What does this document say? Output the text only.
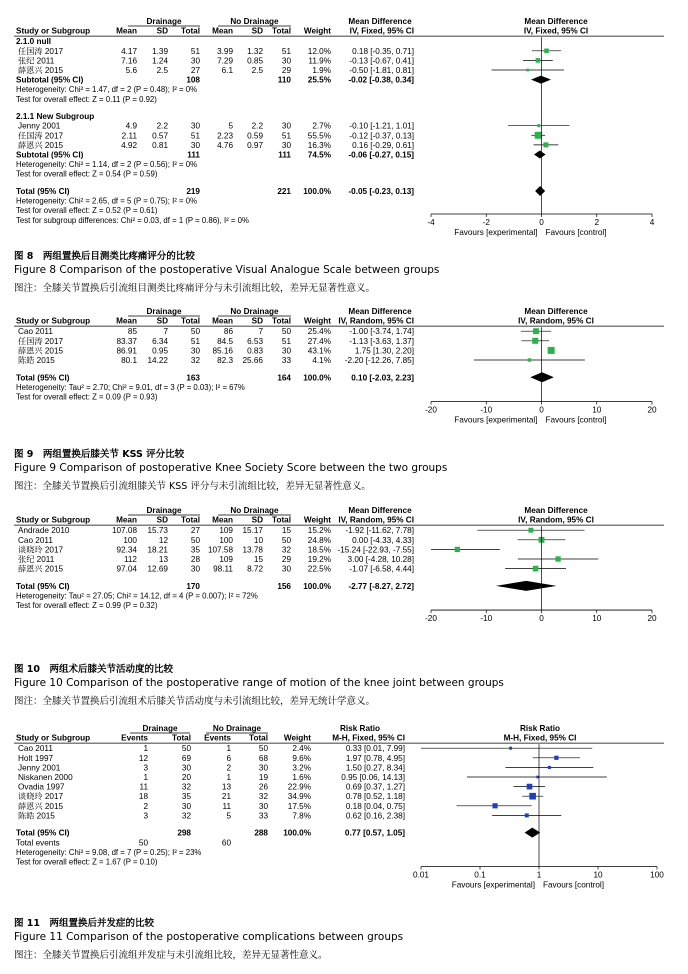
Drainage	No Drainage	Mean Difference	Mean Difference
Study or Subgroup	Mean SD Total Mean SD Total Weight IV, Fixed, 95% CI	IV, Fixed, 95% CI
2.1.0 null
任国涛 2017	4.17 1.39	51 3.99 1.32 51 12.0%	0.18 [-0.35, 0.71]
张纪 2011	7.16 1.24	30 7.29 0.85 30 11.9% -0.13 [-0.67, 0.41]
薛恩兴 2015	5.6 2.5	27	6.1 2.5 29	1.9% -0.50 [-1.81, 0.81]
Subtotal (95% CI)	108	110 25.5% -0.02 [-0.38, 0.34]
Heterogeneity: Chi² = 1.47, df = 2 (P = 0.48); I² = 0%
Test for overall effect: Z = 0.11 (P = 0.92)
2.1.1 New Subgroup
Jenny 2001	4.9 2.2	30	5 2.2 30	2.7% -0.10 [-1.21, 1.01]
任国涛 2017	2.11 0.57	51 2.23 0.59 51 55.5% -0.12 [-0.37, 0.13]
薛恩兴 2015	4.92 0.81	30 4.76 0.97 30 16.3%	0.16 [-0.29, 0.61]
Subtotal (95% CI)	111	111 74.5% -0.06 [-0.27, 0.15]
Heterogeneity: Chi² = 1.14, df = 2 (P = 0.56); I² = 0%
Test for overall effect: Z = 0.54 (P = 0.59)
Total (95% CI)	219	221 100.0% -0.05 [-0.23, 0.13]
Heterogeneity: Chi² = 2.65, df = 5 (P = 0.75); I² = 0%
Test for overall effect: Z = 0.52 (P = 0.61)
Test for subgroup differences: Chi² = 0.03, df = 1 (P = 0.86), I² = 0%	-4	-2	0	2	4
Favours [experimental] Favours [control]
图 8　两组置换后目测类比疼痛评分的比较
Figure 8 Comparison of the postoperative Visual Analogue Scale between groups
图注：全膝关节置换后引流组目测类比疼痛评分与未引流组比较，差异无显著性意义。
Drainage	No Drainage	Mean Difference	Mean Difference
Study or Subgroup	Mean SD Total Mean SD Total Weight IV, Random, 95% CI	IV, Random, 95% CI
Cao 2011	85	7	50	86	7 50 25.4% -1.00 [-3.74, 1.74]
任国涛 2017	83.37 6.34	51 84.5 6.53 51 27.4% -1.13 [-3.63, 1.37]
薛恩兴 2015	86.91 0.95	30 85.16 0.83 30 43.1%	1.75 [1.30, 2.20]
陈皓 2015	80.1 14.22	32 82.3 25.66 33	4.1% -2.20 [-12.26, 7.85]
Total (95% CI)	163	164 100.0% 0.10 [-2.03, 2.23]
Heterogeneity: Tau² = 2.70; Chi² = 9.01, df = 3 (P = 0.03); I² = 67%
Test for overall effect: Z = 0.09 (P = 0.93)
-20	-10	0	10	20
Favours [experimental] Favours [control]
图 9　两组置换后膝关节 KSS 评分比较
Figure 9 Comparison of postoperative Knee Society Score between the two groups
图注：全膝关节置换后引流组膝关节 KSS 评分与未引流组比较，差异无显著性意义。
Drainage	No Drainage	Mean Difference	Mean Difference
Study or Subgroup	Mean SD Total Mean SD Total Weight IV, Random, 95% CI	IV, Random, 95% CI
Andrade 2010	107.08 15.73	27 109 15.17 15 15.2% -1.92 [-11.62, 7.78]
Cao 2011	100	12	50 100	10 50 24.8%	0.00 [-4.33, 4.33]
谈晓玲 2017	92.34 18.21	35 107.58 13.78 32 18.5% -15.24 [-22.93, -7.55]
张纪 2011	112	13	28 109	15 29 19.2% 3.00 [-4.28, 10.28]
薛恩兴 2015	97.04 12.69	30 98.11 8.72 30 22.5% -1.07 [-6.58, 4.44]
Total (95% CI)	170	156 100.0% -2.77 [-8.27, 2.72]
Heterogeneity: Tau² = 27.05; Chi² = 14.12, df = 4 (P = 0.007); I² = 72%
Test for overall effect: Z = 0.99 (P = 0.32)
-20	-10	0	10	20
图 10　两组术后膝关节活动度的比较
Figure 10 Comparison of the postoperative range of motion of the knee joint between groups
图注：全膝关节置换后引流组术后膝关节活动度与未引流组比较，差异无统计学意义。
Drainage	No Drainage	Risk Ratio	Risk Ratio
Study or Subgroup	Events	Total Events Total Weight	M-H, Fixed, 95% CI	M-H, Fixed, 95% CI
Cao 2011	1	50	1	50	2.4%	0.33 [0.01, 7.99]
Holt 1997	12	69	6	68	9.6%	1.97 [0.78, 4.95]
Jenny 2001	3	30	2	30	3.2%	1.50 [0.27, 8.34]
Niskanen 2000	1	20	1	19	1.6%	0.95 [0.06, 14.13]
Ovadia 1997	11	32	13	26 22.9%	0.69 [0.37, 1.27]
谈晓玲 2017	18	35	21	32 34.9%	0.78 [0.52, 1.18]
薛恩兴 2015	2	30	11	30 17.5%	0.18 [0.04, 0.75]
陈皓 2015	3	32	5	33	7.8%	0.62 [0.16, 2.38]
Total (95% CI)	298	288 100.0%	0.77 [0.57, 1.05]
Total events	50	60
Heterogeneity: Chi² = 9.08, df = 7 (P = 0.25); I² = 23%
Test for overall effect: Z = 1.67 (P = 0.10)
0.01	0.1	1	10	100
Favours [experimental] Favours [control]
图 11　两组置换后并发症的比较
Figure 11 Comparison of the postoperative complications between groups
图注：全膝关节置换后引流组并发症与未引流组比较，差异无显著性意义。
